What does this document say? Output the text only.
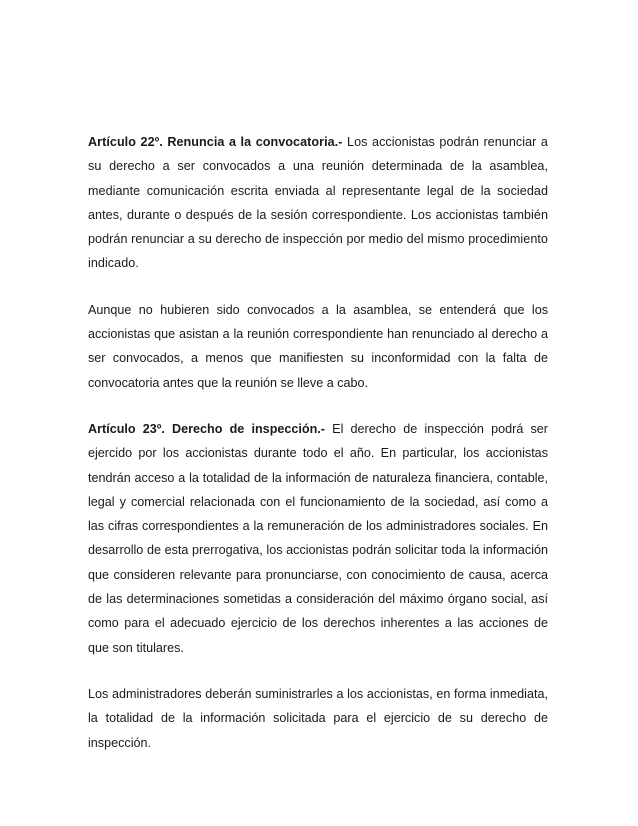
Artículo 22º. Renuncia a la convocatoria.- Los accionistas podrán renunciar a su derecho a ser convocados a una reunión determinada de la asamblea, mediante comunicación escrita enviada al representante legal de la sociedad antes, durante o después de la sesión correspondiente. Los accionistas también podrán renunciar a su derecho de inspección por medio del mismo procedimiento indicado.

Aunque no hubieren sido convocados a la asamblea, se entenderá que los accionistas que asistan a la reunión correspondiente han renunciado al derecho a ser convocados, a menos que manifiesten su inconformidad con la falta de convocatoria antes que la reunión se lleve a cabo.

Artículo 23º. Derecho de inspección.- El derecho de inspección podrá ser ejercido por los accionistas durante todo el año. En particular, los accionistas tendrán acceso a la totalidad de la información de naturaleza financiera, contable, legal y comercial relacionada con el funcionamiento de la sociedad, así como a las cifras correspondientes a la remuneración de los administradores sociales. En desarrollo de esta prerrogativa, los accionistas podrán solicitar toda la información que consideren relevante para pronunciarse, con conocimiento de causa, acerca de las determinaciones sometidas a consideración del máximo órgano social, así como para el adecuado ejercicio de los derechos inherentes a las acciones de que son titulares.

Los administradores deberán suministrarles a los accionistas, en forma inmediata, la totalidad de la información solicitada para el ejercicio de su derecho de inspección.
